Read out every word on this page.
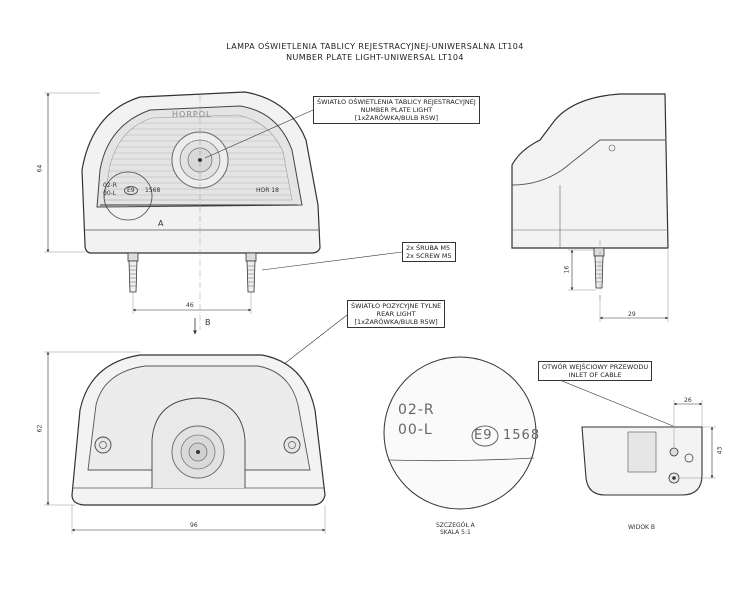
LAMPA OŚWIETLENIA TABLICY REJESTRACYJNEJ-UNIWERSALNA LT104
NUMBER PLATE LIGHT-UNIWERSAL LT104
HORPOL
02-R
00-L	E9	1568	HOR 18
A
B
ŚWIATŁO OŚWIETLENIA TABLICY REJESTRACYJNEJ
NUMBER PLATE LIGHT
[1xŻARÓWKA/BULB R5W]
2x ŚRUBA M5
2x SCREW M5
ŚWIATŁO POZYCYJNE TYLNE
REAR LIGHT
[1xŻARÓWKA/BULB R5W]
OTWÓR WEJŚCIOWY PRZEWODU
INLET OF CABLE
64
46
16
29
96
62
26
43
02-R
00-L	E9 1568
SZCZEGÓŁ A
SKALA 5:1
WIDOK B
